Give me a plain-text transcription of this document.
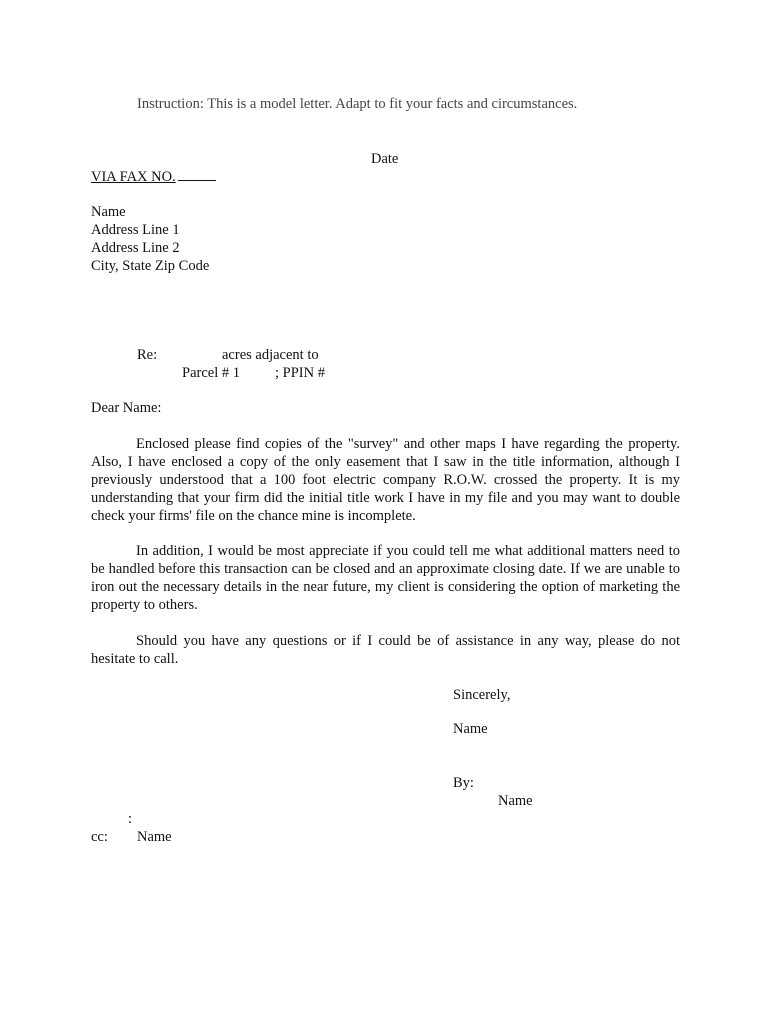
Instruction: This is a model letter. Adapt to fit your facts and circumstances.
Date
VIA FAX NO.
Name
Address Line 1
Address Line 2
City, State Zip Code
Re:	acres adjacent to
Parcel # 1 ; PPIN #
Dear Name:
Enclosed please find copies of the "survey" and other maps I have regarding the property. Also, I have enclosed a copy of the only easement that I saw in the title information, although I previously understood that a 100 foot electric company R.O.W. crossed the property. It is my understanding that your firm did the initial title work I have in my file and you may want to double check your firms' file on the chance mine is incomplete.
In addition, I would be most appreciate if you could tell me what additional matters need to be handled before this transaction can be closed and an approximate closing date. If we are unable to iron out the necessary details in the near future, my client is considering the option of marketing the property to others.
Should you have any questions or if I could be of assistance in any way, please do not hesitate to call.
Sincerely,
Name
By:
Name
:
cc: Name
